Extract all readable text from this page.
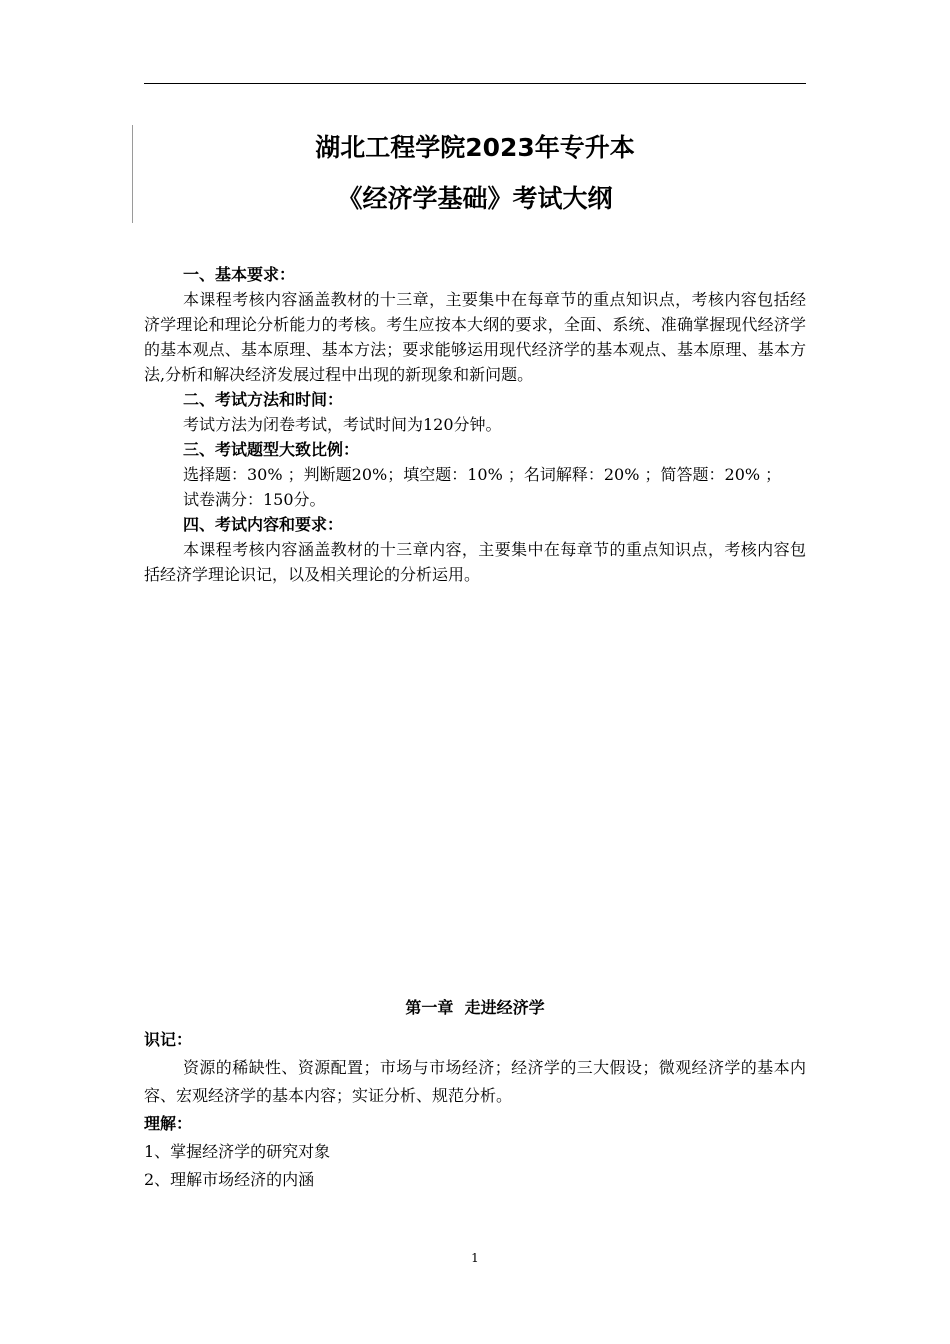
湖北工程学院2023年专升本
《经济学基础》考试大纲

一、基本要求：

本课程考核内容涵盖教材的十三章，主要集中在每章节的重点知识点，考核内容包括经济学理论和理论分析能力的考核。考生应按本大纲的要求，全面、系统、准确掌握现代经济学的基本观点、基本原理、基本方法；要求能够运用现代经济学的基本观点、基本原理、基本方法,分析和解决经济发展过程中出现的新现象和新问题。

二、考试方法和时间：

考试方法为闭卷考试，考试时间为120分钟。

三、考试题型大致比例：

选择题：30% ；判断题20%；填空题：10% ；名词解释：20% ；简答题：20% ；

试卷满分：150分。

四、考试内容和要求：

本课程考核内容涵盖教材的十三章内容，主要集中在每章节的重点知识点，考核内容包括经济学理论识记，以及相关理论的分析运用。

第一章  走进经济学

识记：

资源的稀缺性、资源配置；市场与市场经济；经济学的三大假设；微观经济学的基本内容、宏观经济学的基本内容；实证分析、规范分析。

理解：

1、掌握经济学的研究对象

2、理解市场经济的内涵

1
